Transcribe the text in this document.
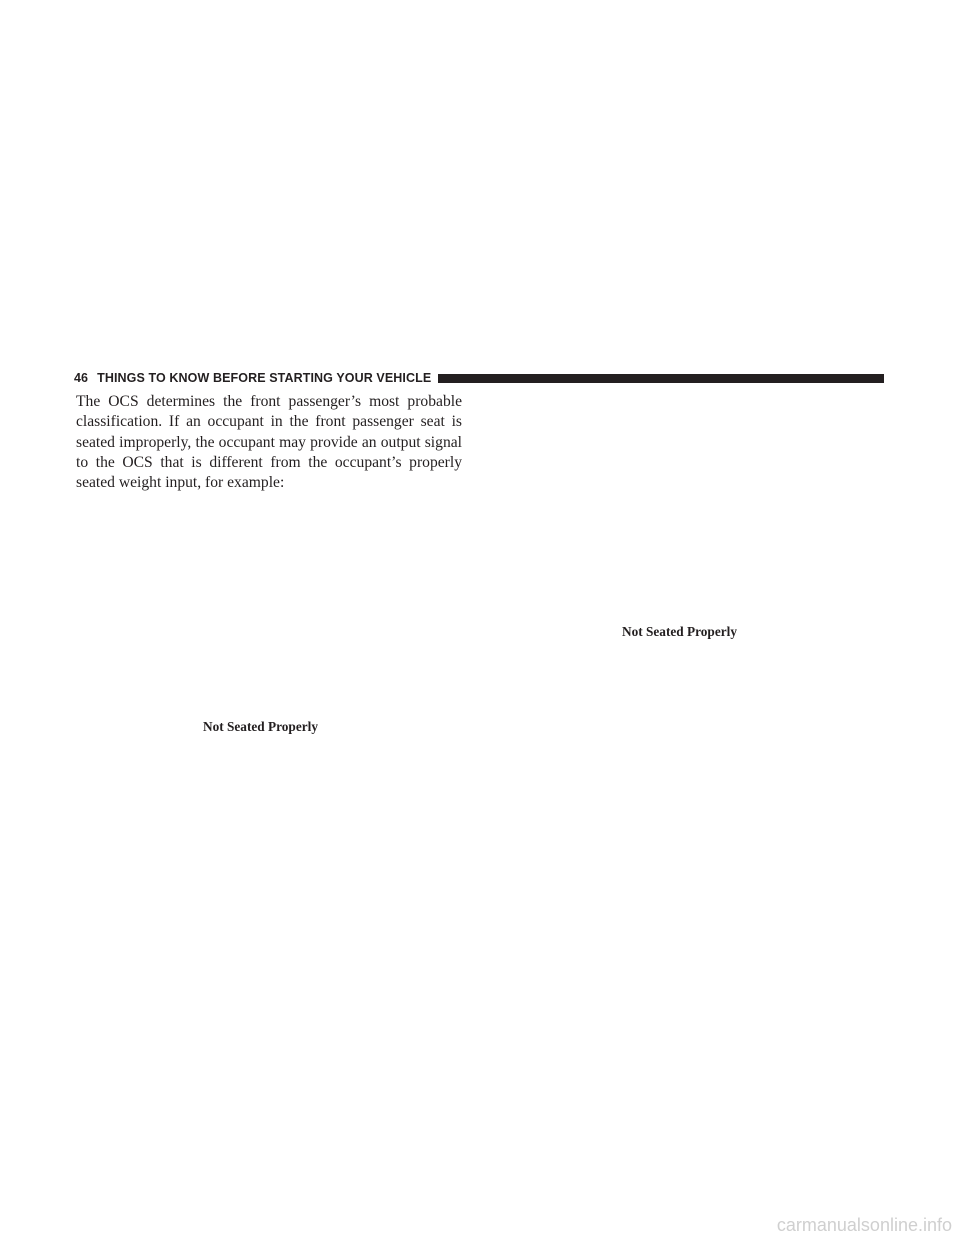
46 THINGS TO KNOW BEFORE STARTING YOUR VEHICLE

The OCS determines the front passenger’s most probable classification. If an occupant in the front passenger seat is seated improperly, the occupant may provide an output signal to the OCS that is different from the occupant’s properly seated weight input, for example:

Not Seated Properly
Not Seated Properly
carmanualsonline.info
